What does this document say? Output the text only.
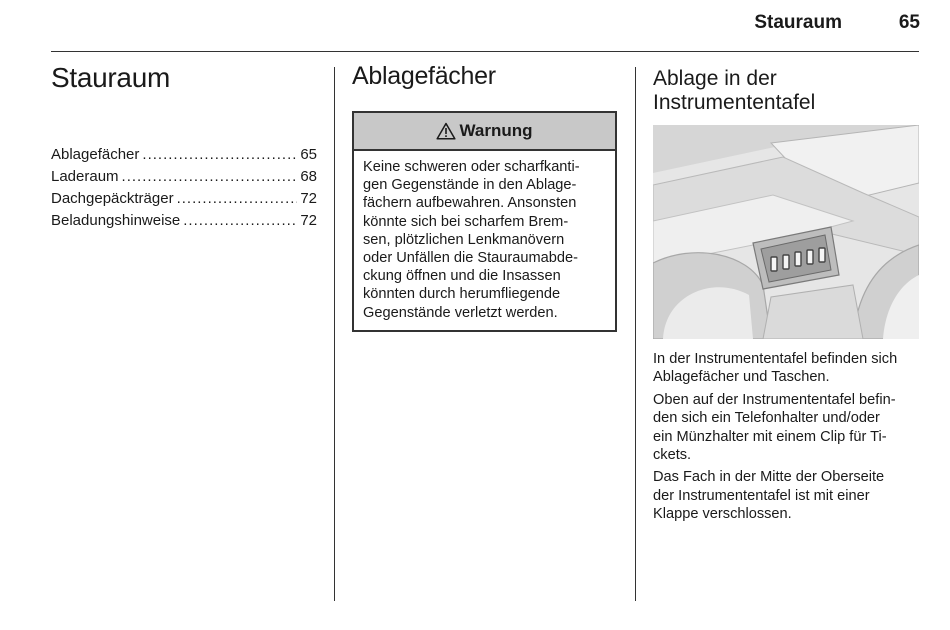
Stauraum	65
Stauraum
Ablagefächer .....	65
Laderaum .....	68
Dachgepäckträger .....	72
Beladungshinweise .....	72
Ablagefächer
Warnung
Keine schweren oder scharfkanti-
gen Gegenstände in den Ablage-
fächern aufbewahren. Ansonsten
könnte sich bei scharfem Brem-
sen, plötzlichen Lenkmanövern
oder Unfällen die Stauraumabde-
ckung öffnen und die Insassen
könnten durch herumfliegende
Gegenstände verletzt werden.
Ablage in der
Instrumententafel

In der Instrumententafel befinden sich
Ablagefächer und Taschen.

Oben auf der Instrumententafel befin-
den sich ein Telefonhalter und/oder
ein Münzhalter mit einem Clip für Ti-
ckets.

Das Fach in der Mitte der Oberseite
der Instrumententafel ist mit einer
Klappe verschlossen.
